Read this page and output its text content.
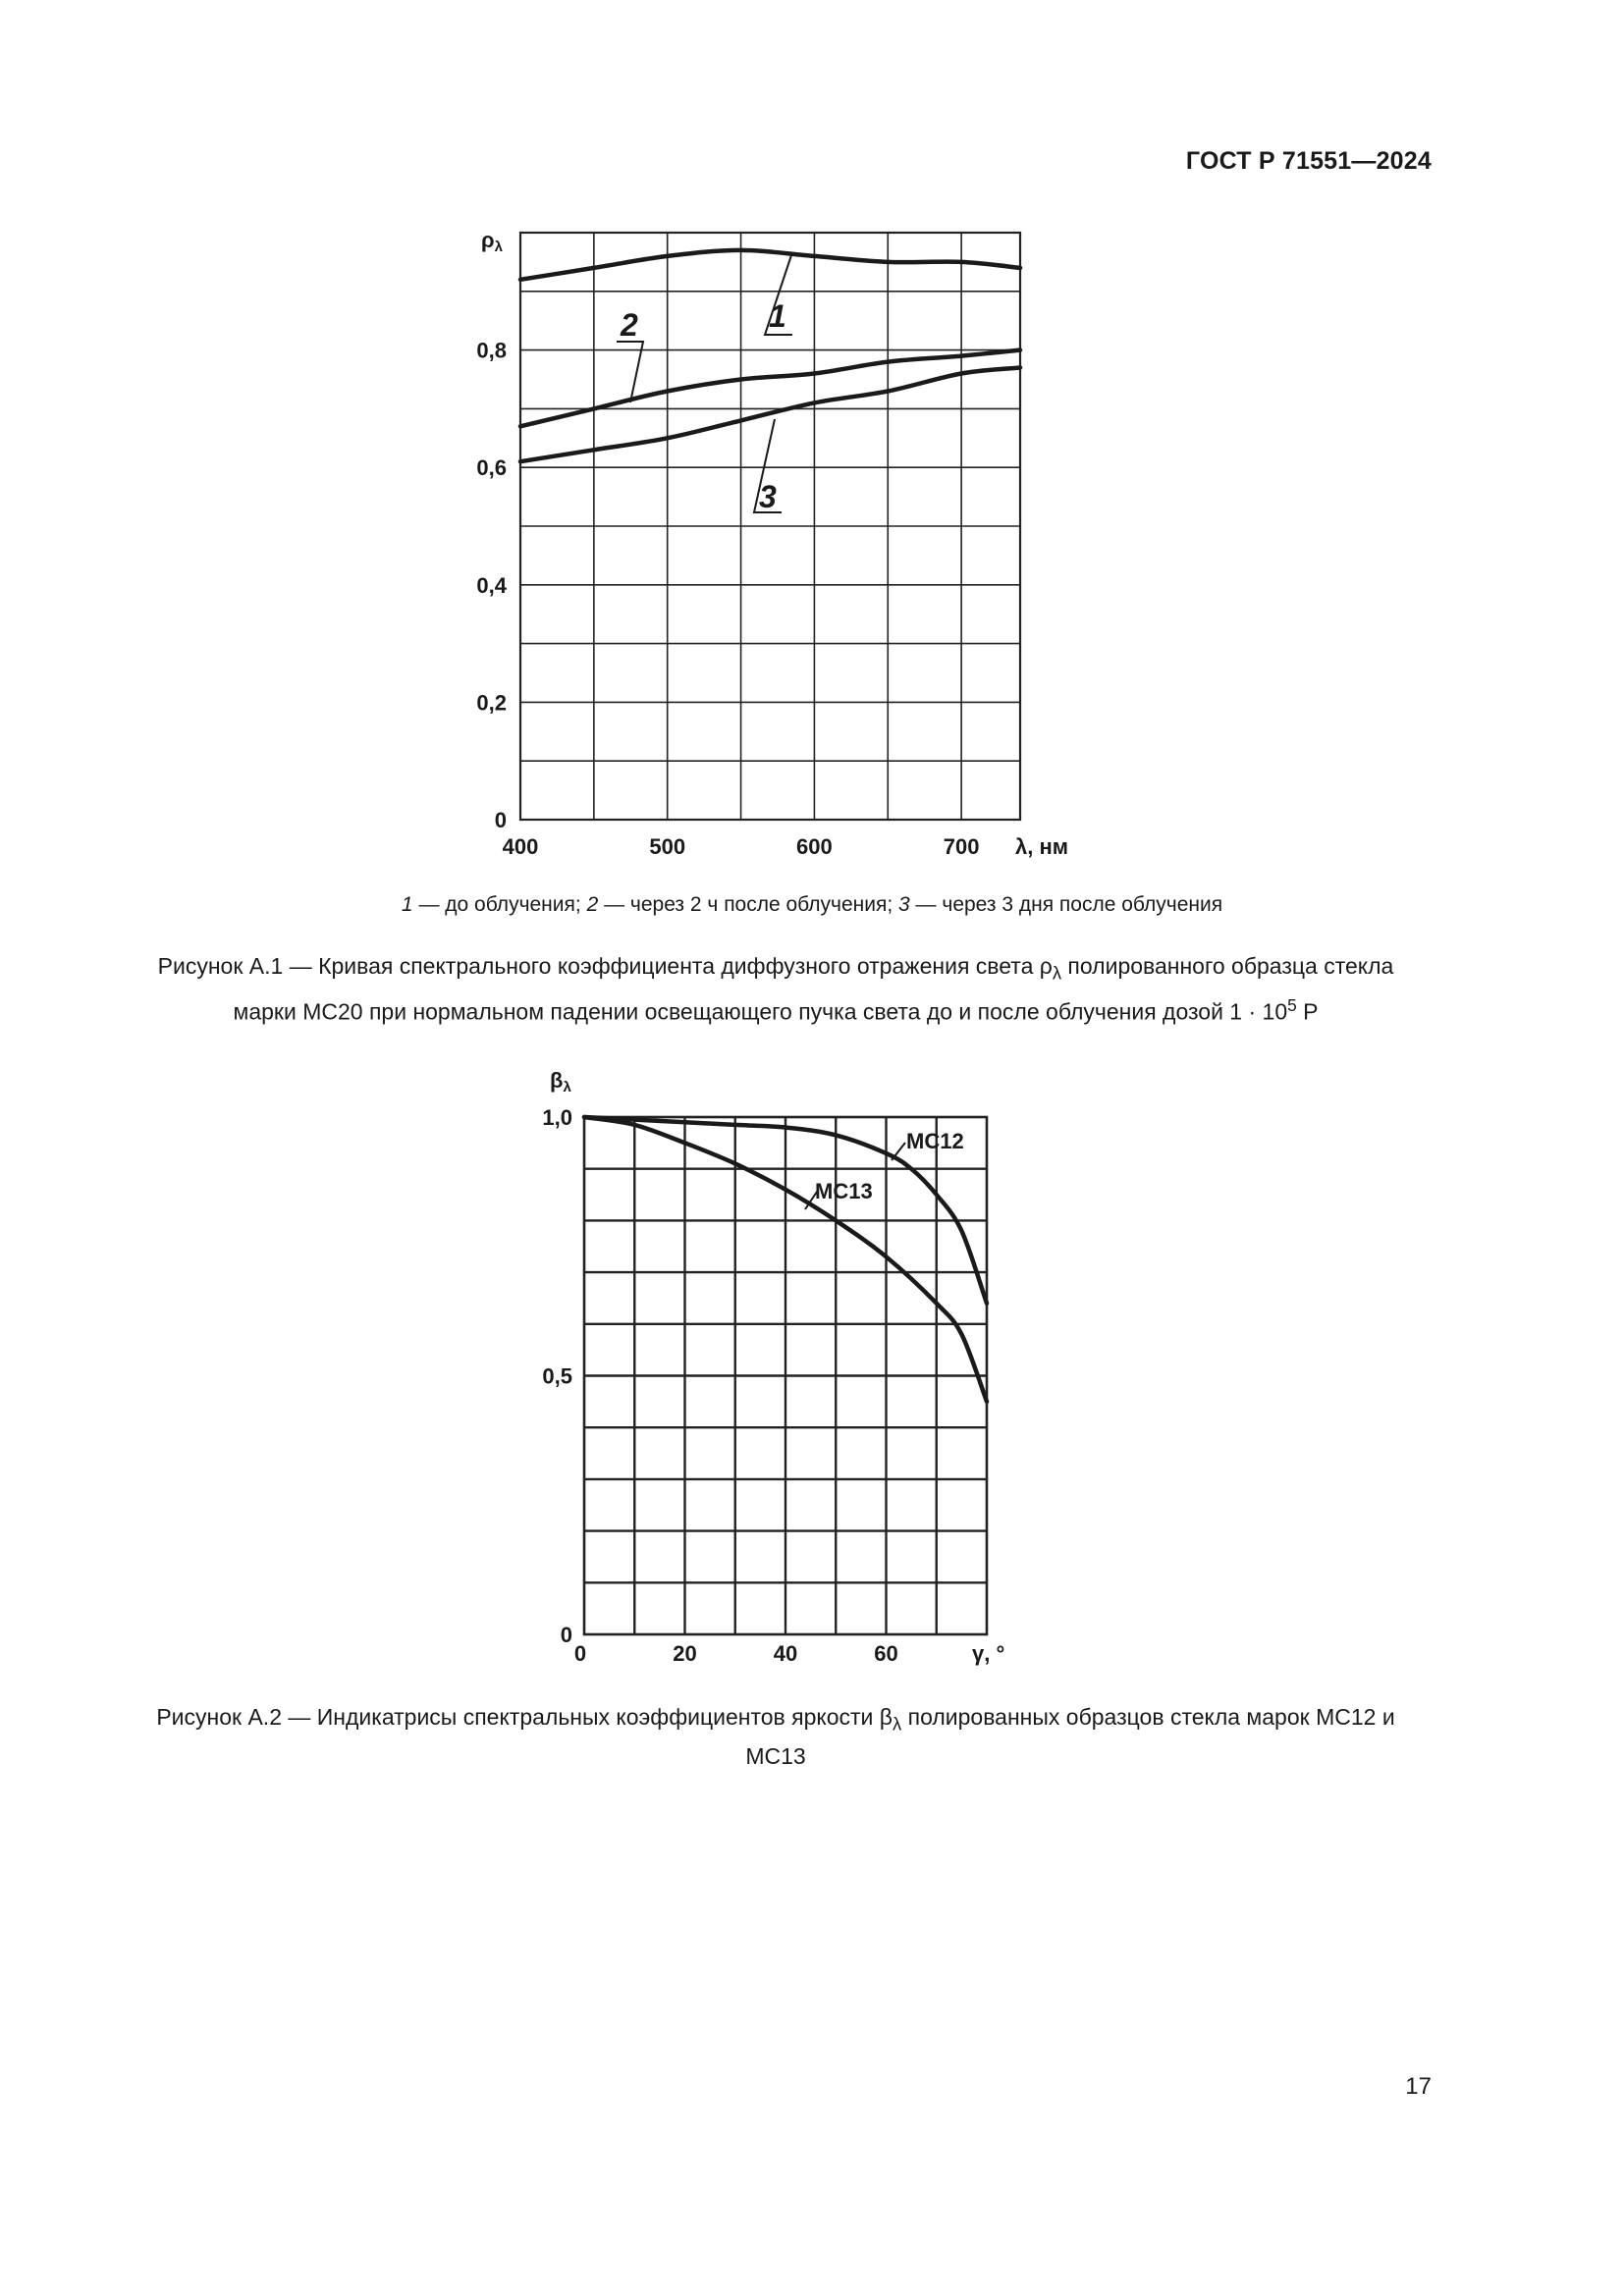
ГОСТ Р 71551—2024
400	500	600	700
0
0,2
0,4
0,6
0,8
ρλ
λ, нм
1
2
3
0	20	40	60
0
0,5
1,0
βλ
γ, °
МС12
МС13
1 — до облучения; 2 — через 2 ч после облучения; 3 — через 3 дня после облучения
Рисунок А.1 — Кривая спектрального коэффициента диффузного отражения света $\rho_\lambda$ полированного образца стекла марки МС20 при нормальном падении освещающего пучка света до и после облучения дозой $1 \cdot 10^5$ Р
Рисунок А.2 — Индикатрисы спектральных коэффициентов яркости $\beta_\lambda$ полированных образцов стекла марок МС12 и МС13
17
